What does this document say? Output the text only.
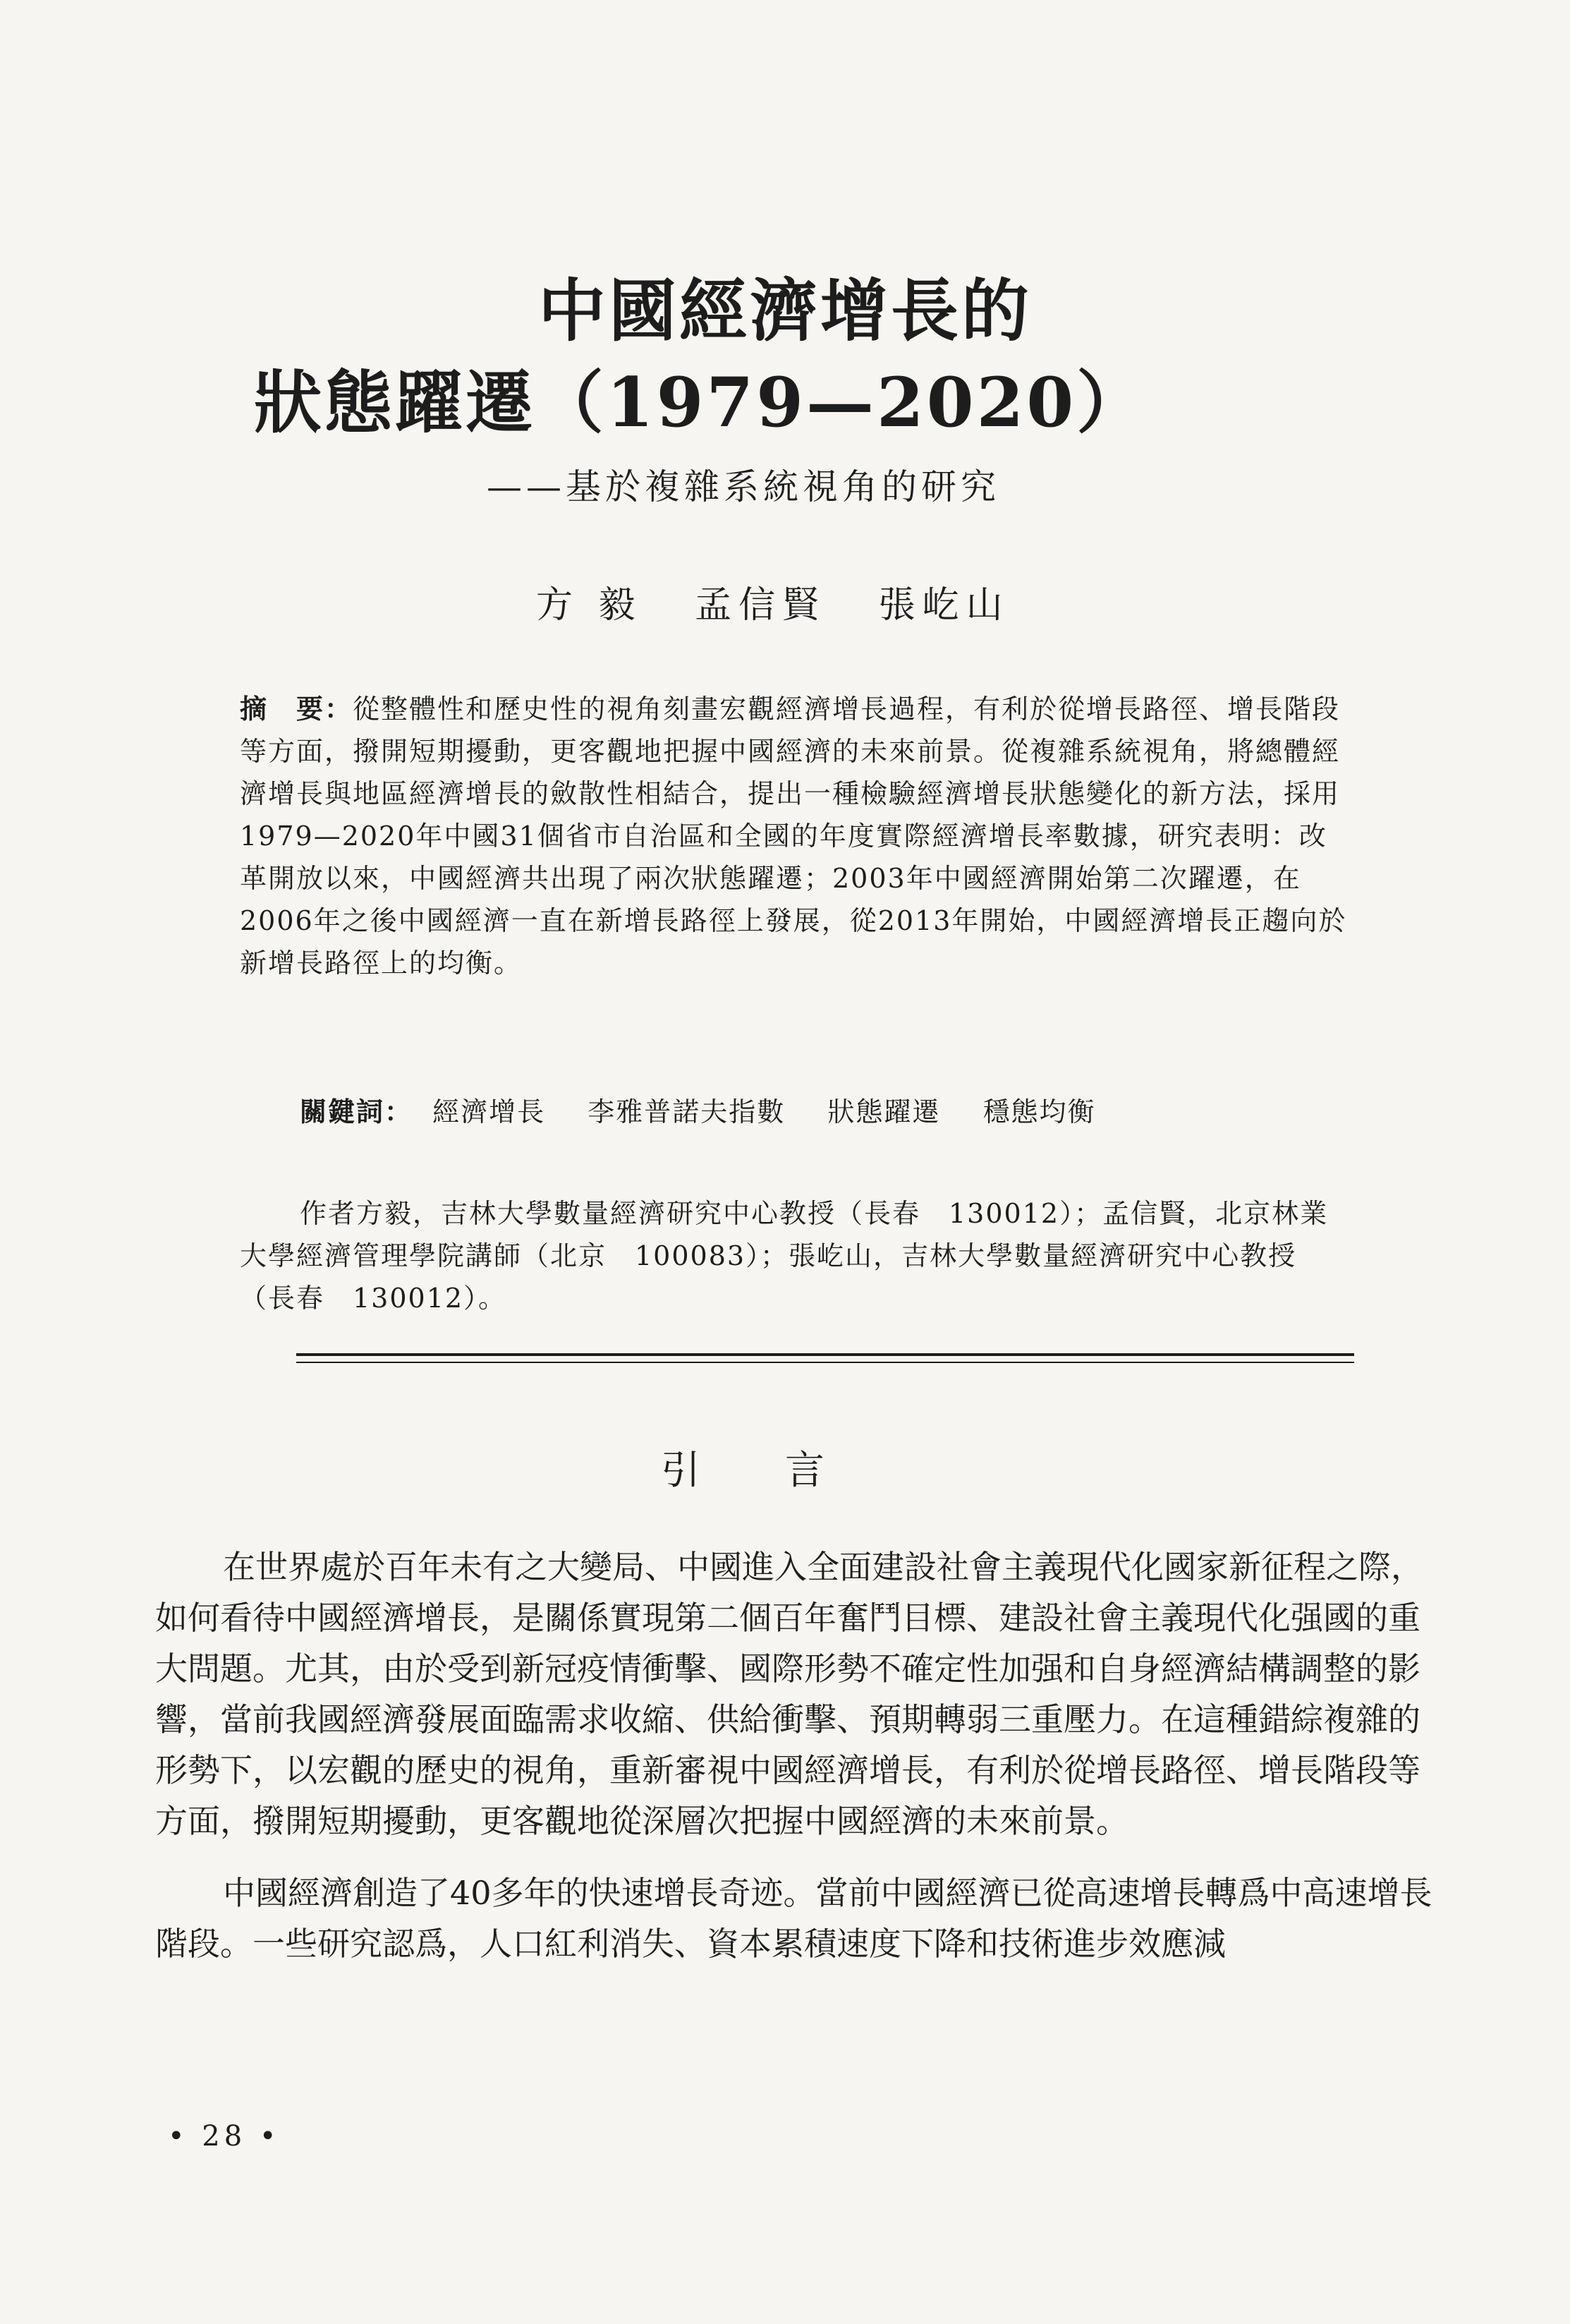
中國經濟增長的
狀態躍遷（1979—2020）
——基於複雜系統視角的研究
方 毅 孟信賢 張屹山
摘　要：從整體性和歷史性的視角刻畫宏觀經濟增長過程，有利於從增長路徑、增長階段等方面，撥開短期擾動，更客觀地把握中國經濟的未來前景。從複雜系統視角，將總體經濟增長與地區經濟增長的斂散性相結合，提出一種檢驗經濟增長狀態變化的新方法，採用1979—2020年中國31個省市自治區和全國的年度實際經濟增長率數據，研究表明：改革開放以來，中國經濟共出現了兩次狀態躍遷；2003年中國經濟開始第二次躍遷，在2006年之後中國經濟一直在新增長路徑上發展，從2013年開始，中國經濟增長正趨向於新增長路徑上的均衡。
關鍵詞： 經濟增長 李雅普諾夫指數 狀態躍遷 穩態均衡
作者方毅，吉林大學數量經濟研究中心教授（長春　130012）；孟信賢，北京林業大學經濟管理學院講師（北京　100083）；張屹山，吉林大學數量經濟研究中心教授（長春　130012）。
引言

在世界處於百年未有之大變局、中國進入全面建設社會主義現代化國家新征程之際，如何看待中國經濟增長，是關係實現第二個百年奮鬥目標、建設社會主義現代化强國的重大問題。尤其，由於受到新冠疫情衝擊、國際形勢不確定性加强和自身經濟結構調整的影響，當前我國經濟發展面臨需求收縮、供給衝擊、預期轉弱三重壓力。在這種錯綜複雜的形勢下，以宏觀的歷史的視角，重新審視中國經濟增長，有利於從增長路徑、增長階段等方面，撥開短期擾動，更客觀地從深層次把握中國經濟的未來前景。

中國經濟創造了40多年的快速增長奇迹。當前中國經濟已從高速增長轉爲中高速增長階段。一些研究認爲，人口紅利消失、資本累積速度下降和技術進步效應減

• 28 •
